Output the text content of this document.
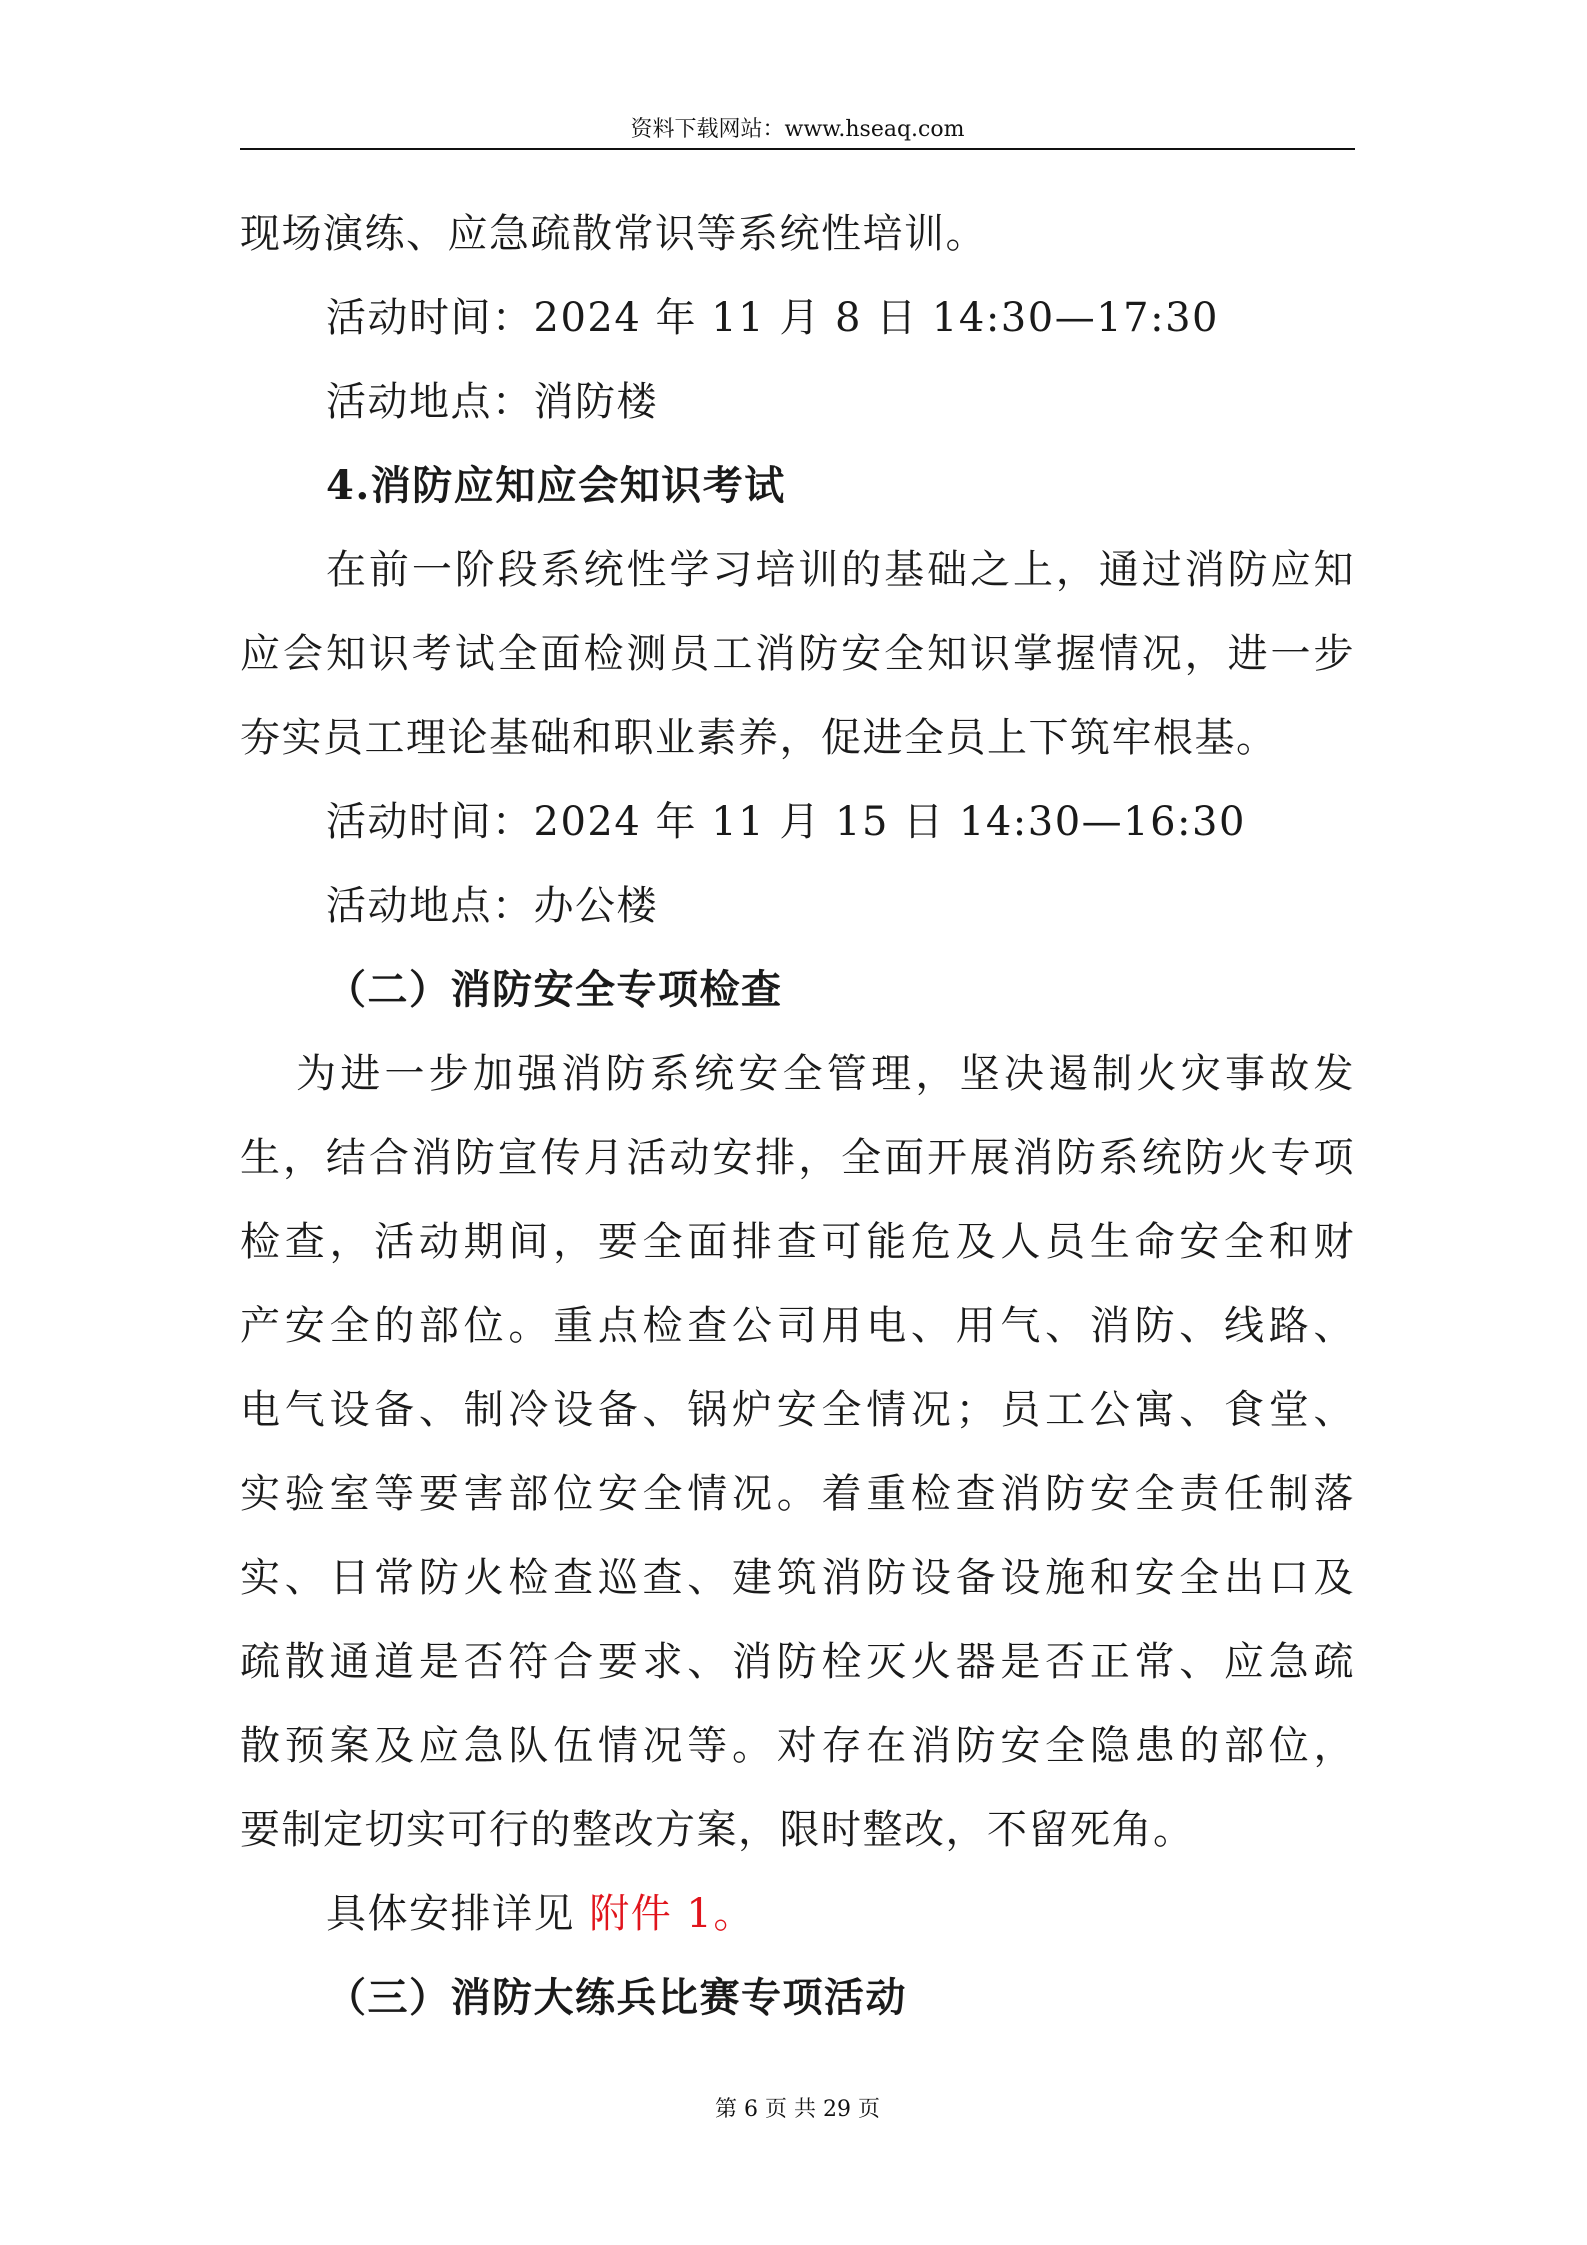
资料下载网站：www.hseaq.com
现场演练、应急疏散常识等系统性培训。
活动时间：2024 年 11 月 8 日 14:30—17:30
活动地点：消防楼
4.消防应知应会知识考试
在前一阶段系统性学习培训的基础之上，通过消防应知
应会知识考试全面检测员工消防安全知识掌握情况，进一步
夯实员工理论基础和职业素养，促进全员上下筑牢根基。
活动时间：2024 年 11 月 15 日 14:30—16:30
活动地点：办公楼
（二）消防安全专项检查
为进一步加强消防系统安全管理，坚决遏制火灾事故发
生，结合消防宣传月活动安排，全面开展消防系统防火专项
检查，活动期间，要全面排查可能危及人员生命安全和财
产安全的部位。重点检查公司用电、用气、消防、线路、
电气设备、制冷设备、锅炉安全情况；员工公寓、食堂、
实验室等要害部位安全情况。着重检查消防安全责任制落
实、日常防火检查巡查、建筑消防设备设施和安全出口及
疏散通道是否符合要求、消防栓灭火器是否正常、应急疏
散预案及应急队伍情况等。对存在消防安全隐患的部位，
要制定切实可行的整改方案，限时整改，不留死角。
具体安排详见 附件 1。
（三）消防大练兵比赛专项活动
第 6 页 共 29 页
